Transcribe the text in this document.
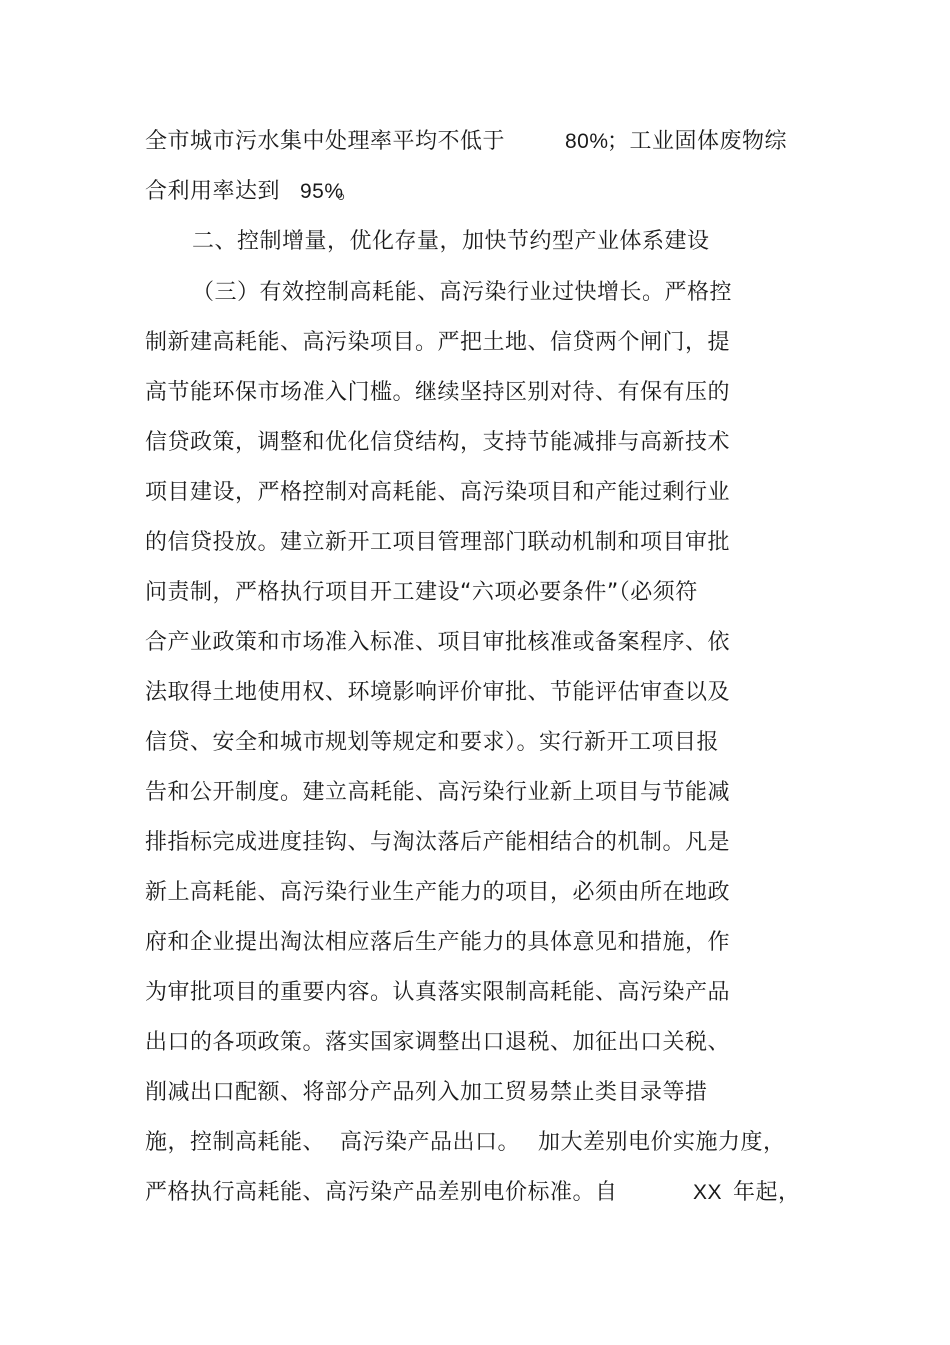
全市城市污水集中处理率平均不低于	80%
；工业固体废物综
合利用率达到 95%
。
二、控制增量，优化存量，加快节约型产业体系建设
（三）有效控制高耗能、高污染行业过快增长。严格控
制新建高耗能、高污染项目。严把土地、信贷两个闸门，提
高节能环保市场准入门槛。继续坚持区别对待、有保有压的
信贷政策，调整和优化信贷结构，支持节能减排与高新技术
项目建设，严格控制对高耗能、高污染项目和产能过剩行业
的信贷投放。建立新开工项目管理部门联动机制和项目审批
问责制，严格执行项目开工建设“六项必要条件”（必须符
合产业政策和市场准入标准、项目审批核准或备案程序、依
法取得土地使用权、环境影响评价审批、节能评估审查以及
信贷、安全和城市规划等规定和要求）。实行新开工项目报
告和公开制度。建立高耗能、高污染行业新上项目与节能减
排指标完成进度挂钩、与淘汰落后产能相结合的机制。凡是
新上高耗能、高污染行业生产能力的项目，必须由所在地政
府和企业提出淘汰相应落后生产能力的具体意见和措施，作
为审批项目的重要内容。认真落实限制高耗能、高污染产品
出口的各项政策。落实国家调整出口退税、加征出口关税、
削减出口配额、将部分产品列入加工贸易禁止类目录等措
施，控制高耗能、 高污染产品出口。 加大差别电价实施力度，
严格执行高耗能、高污染产品差别电价标准。自	XX 年起，
